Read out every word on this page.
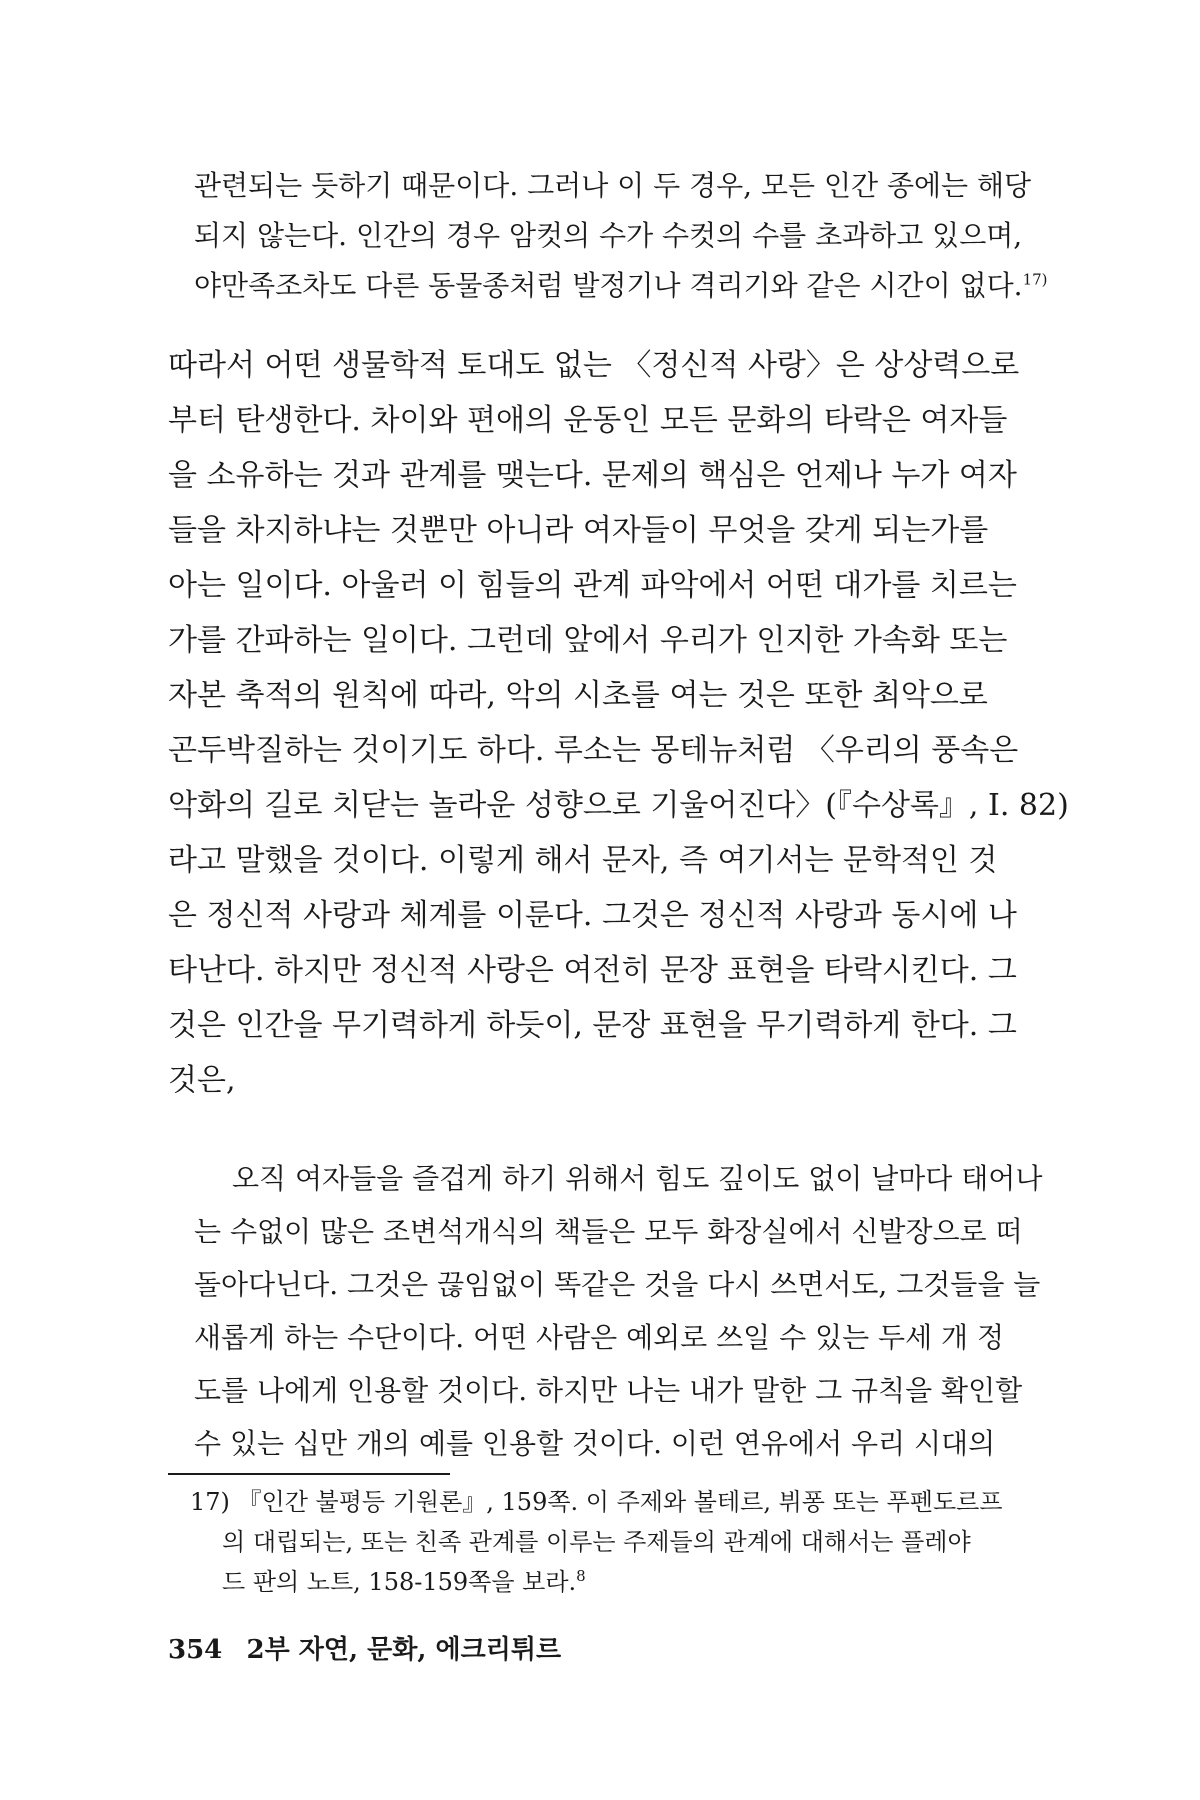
관련되는 듯하기 때문이다. 그러나 이 두 경우, 모든 인간 종에는 해당
되지 않는다. 인간의 경우 암컷의 수가 수컷의 수를 초과하고 있으며,
야만족조차도 다른 동물종처럼 발정기나 격리기와 같은 시간이 없다.$^{17)}$
따라서 어떤 생물학적 토대도 없는 〈정신적 사랑〉은 상상력으로
부터 탄생한다. 차이와 편애의 운동인 모든 문화의 타락은 여자들
을 소유하는 것과 관계를 맺는다. 문제의 핵심은 언제나 누가 여자
들을 차지하냐는 것뿐만 아니라 여자들이 무엇을 갖게 되는가를
아는 일이다. 아울러 이 힘들의 관계 파악에서 어떤 대가를 치르는
가를 간파하는 일이다. 그런데 앞에서 우리가 인지한 가속화 또는
자본 축적의 원칙에 따라, 악의 시초를 여는 것은 또한 최악으로
곤두박질하는 것이기도 하다. 루소는 몽테뉴처럼 〈우리의 풍속은
악화의 길로 치닫는 놀라운 성향으로 기울어진다〉(『수상록』, I. 82)
라고 말했을 것이다. 이렇게 해서 문자, 즉 여기서는 문학적인 것
은 정신적 사랑과 체계를 이룬다. 그것은 정신적 사랑과 동시에 나
타난다. 하지만 정신적 사랑은 여전히 문장 표현을 타락시킨다. 그
것은 인간을 무기력하게 하듯이, 문장 표현을 무기력하게 한다. 그
것은,
오직 여자들을 즐겁게 하기 위해서 힘도 깊이도 없이 날마다 태어나
는 수없이 많은 조변석개식의 책들은 모두 화장실에서 신발장으로 떠
돌아다닌다. 그것은 끊임없이 똑같은 것을 다시 쓰면서도, 그것들을 늘
새롭게 하는 수단이다. 어떤 사람은 예외로 쓰일 수 있는 두세 개 정
도를 나에게 인용할 것이다. 하지만 나는 내가 말한 그 규칙을 확인할
수 있는 십만 개의 예를 인용할 것이다. 이런 연유에서 우리 시대의
17) 『인간 불평등 기원론』, 159쪽. 이 주제와 볼테르, 뷔퐁 또는 푸펜도르프
의 대립되는, 또는 친족 관계를 이루는 주제들의 관계에 대해서는 플레야
드 판의 노트, 158-159쪽을 보라.$^8$
354 2부 자연, 문화, 에크리튀르
